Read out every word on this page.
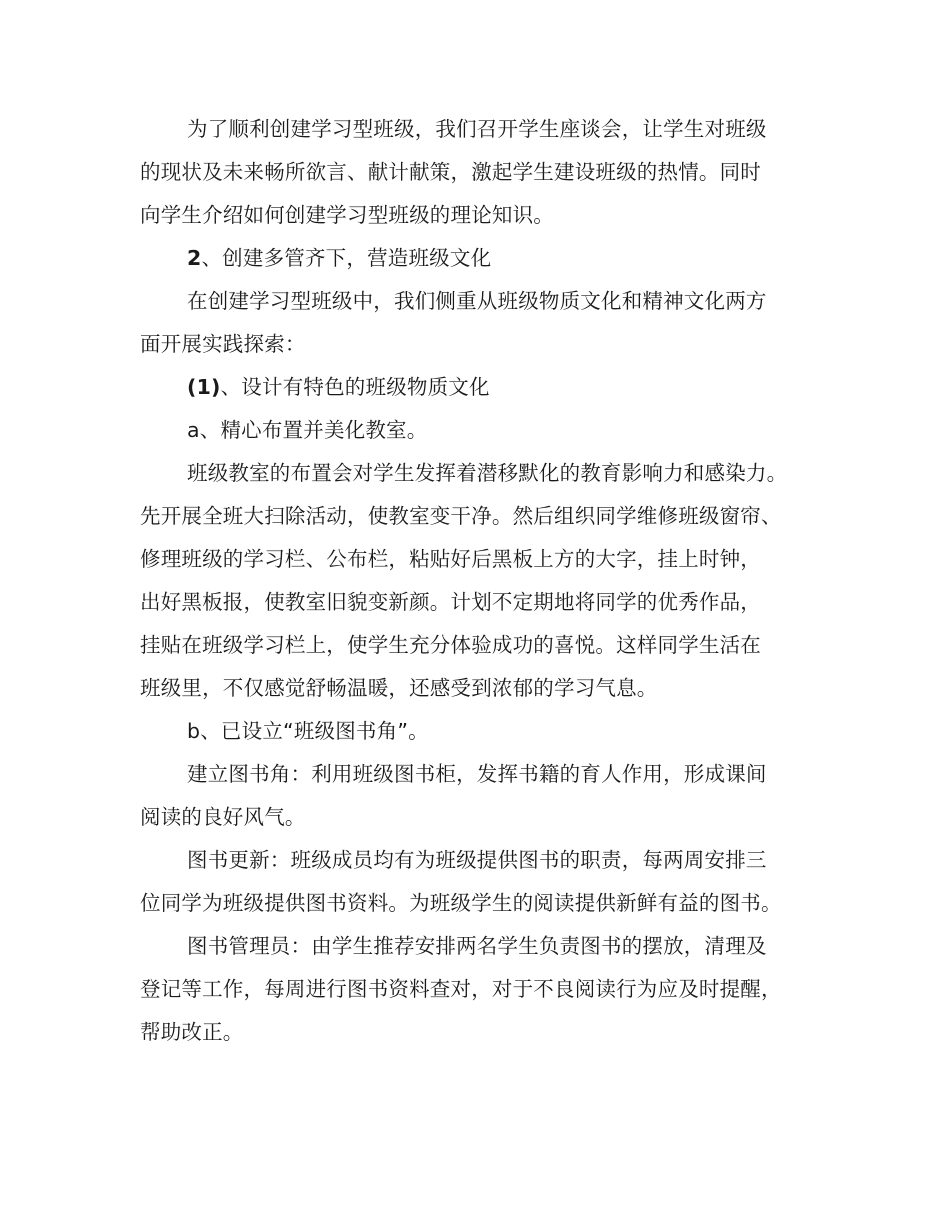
为了顺利创建学习型班级，我们召开学生座谈会，让学生对班级
的现状及未来畅所欲言、献计献策，激起学生建设班级的热情。同时
向学生介绍如何创建学习型班级的理论知识。
2、创建多管齐下，营造班级文化
在创建学习型班级中，我们侧重从班级物质文化和精神文化两方
面开展实践探索：
(1)、设计有特色的班级物质文化
a、精心布置并美化教室。
班级教室的布置会对学生发挥着潜移默化的教育影响力和感染力。
先开展全班大扫除活动，使教室变干净。然后组织同学维修班级窗帘、
修理班级的学习栏、公布栏，粘贴好后黑板上方的大字，挂上时钟，
出好黑板报，使教室旧貌变新颜。计划不定期地将同学的优秀作品，
挂贴在班级学习栏上，使学生充分体验成功的喜悦。这样同学生活在
班级里，不仅感觉舒畅温暖，还感受到浓郁的学习气息。
b、已设立“班级图书角”。
建立图书角：利用班级图书柜，发挥书籍的育人作用，形成课间
阅读的良好风气。
图书更新：班级成员均有为班级提供图书的职责，每两周安排三
位同学为班级提供图书资料。为班级学生的阅读提供新鲜有益的图书。
图书管理员：由学生推荐安排两名学生负责图书的摆放，清理及
登记等工作，每周进行图书资料查对，对于不良阅读行为应及时提醒，
帮助改正。
